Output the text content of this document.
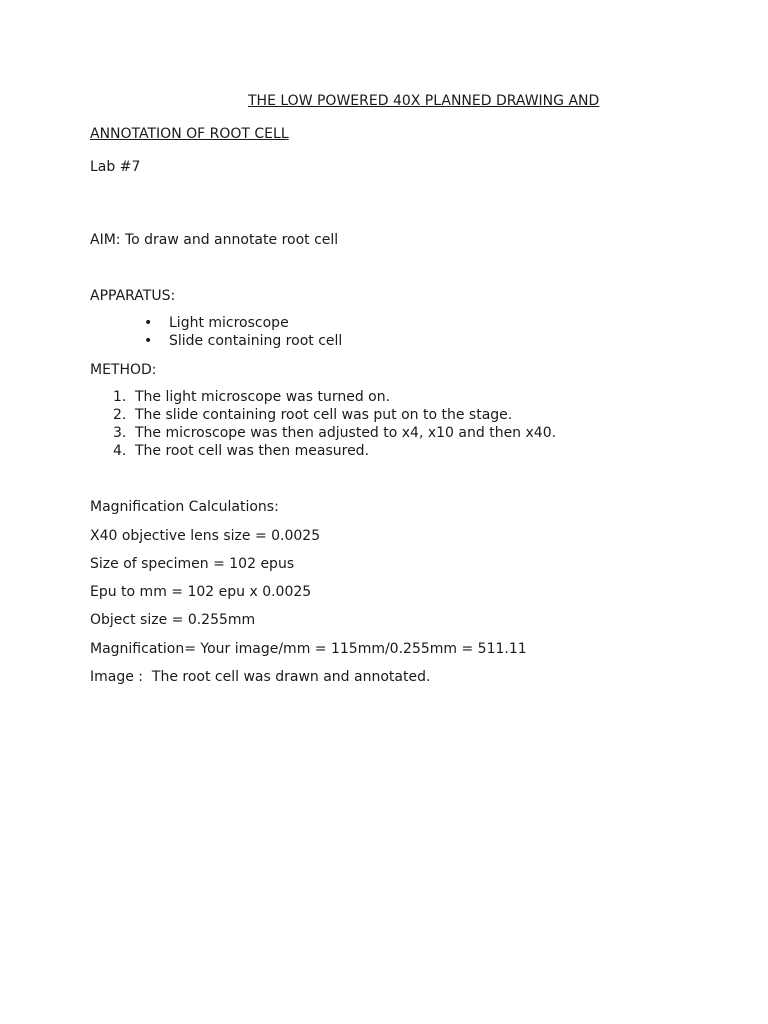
THE LOW POWERED 40X PLANNED DRAWING AND
ANNOTATION OF ROOT CELL
Lab #7
AIM: To draw and annotate root cell
APPARATUS:
• Light microscope
• Slide containing root cell
METHOD:
1. The light microscope was turned on.
2. The slide containing root cell was put on to the stage.
3. The microscope was then adjusted to x4, x10 and then x40.
4. The root cell was then measured.
Magnification Calculations:
X40 objective lens size = 0.0025
Size of specimen = 102 epus
Epu to mm = 102 epu x 0.0025
Object size = 0.255mm
Magnification= Your image/mm = 115mm/0.255mm = 511.11
Image :  The root cell was drawn and annotated.
